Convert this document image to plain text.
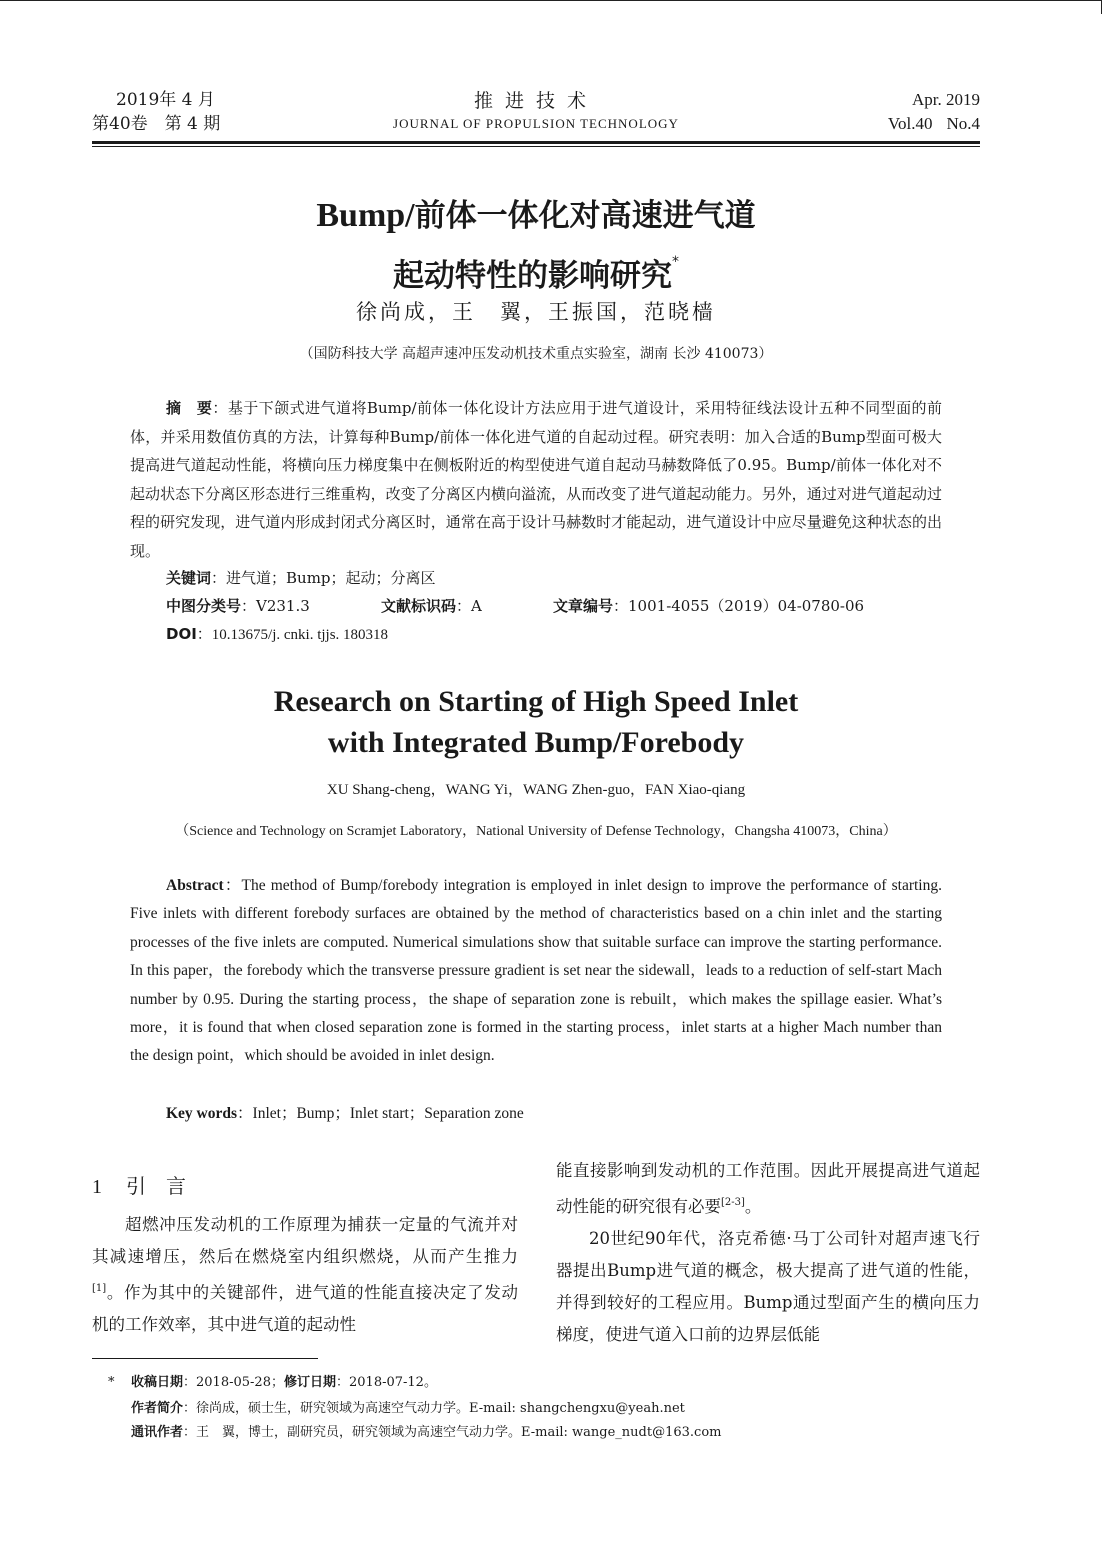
2019年 4 月
第40卷　第 4 期
推进技术
JOURNAL OF PROPULSION TECHNOLOGY
Apr. 2019
Vol.40 No.4
Bump/前体一体化对高速进气道
起动特性的影响研究*
徐尚成，王　翼，王振国，范晓樯
（国防科技大学 高超声速冲压发动机技术重点实验室，湖南 长沙 410073）

摘　要：基于下颌式进气道将Bump/前体一体化设计方法应用于进气道设计，采用特征线法设计五种不同型面的前体，并采用数值仿真的方法，计算每种Bump/前体一体化进气道的自起动过程。研究表明：加入合适的Bump型面可极大提高进气道起动性能，将横向压力梯度集中在侧板附近的构型使进气道自起动马赫数降低了0.95。Bump/前体一体化对不起动状态下分离区形态进行三维重构，改变了分离区内横向溢流，从而改变了进气道起动能力。另外，通过对进气道起动过程的研究发现，进气道内形成封闭式分离区时，通常在高于设计马赫数时才能起动，进气道设计中应尽量避免这种状态的出现。

关键词：进气道；Bump；起动；分离区
中图分类号：V231.3	文献标识码：A	文章编号：1001-4055（2019）04-0780-06
DOI：10.13675/j. cnki. tjjs. 180318
Research on Starting of High Speed Inlet
with Integrated Bump/Forebody
XU Shang-cheng，WANG Yi，WANG Zhen-guo，FAN Xiao-qiang
（Science and Technology on Scramjet Laboratory，National University of Defense Technology，Changsha 410073，China）

Abstract：The method of Bump/forebody integration is employed in inlet design to improve the performance of starting. Five inlets with different forebody surfaces are obtained by the method of characteristics based on a chin inlet and the starting processes of the five inlets are computed. Numerical simulations show that suitable surface can improve the starting performance. In this paper，the forebody which the transverse pressure gradient is set near the sidewall，leads to a reduction of self-start Mach number by 0.95. During the starting process，the shape of separation zone is rebuilt，which makes the spillage easier. What’s more，it is found that when closed separation zone is formed in the starting process，inlet starts at a higher Mach number than the design point，which should be avoided in inlet design.

Key words：Inlet；Bump；Inlet start；Separation zone
1 引　言

超燃冲压发动机的工作原理为捕获一定量的气流并对其减速增压，然后在燃烧室内组织燃烧，从而产生推力[1]。作为其中的关键部件，进气道的性能直接决定了发动机的工作效率，其中进气道的起动性

能直接影响到发动机的工作范围。因此开展提高进气道起动性能的研究很有必要[2-3]。

20世纪90年代，洛克希德·马丁公司针对超声速飞行器提出Bump进气道的概念，极大提高了进气道的性能，并得到较好的工程应用。Bump通过型面产生的横向压力梯度，使进气道入口前的边界层低能

* 收稿日期：2018-05-28；修订日期：2018-07-12。
作者简介：徐尚成，硕士生，研究领域为高速空气动力学。E-mail: shangchengxu@yeah.net
通讯作者：王　翼，博士，副研究员，研究领域为高速空气动力学。E-mail: wange_nudt@163.com
